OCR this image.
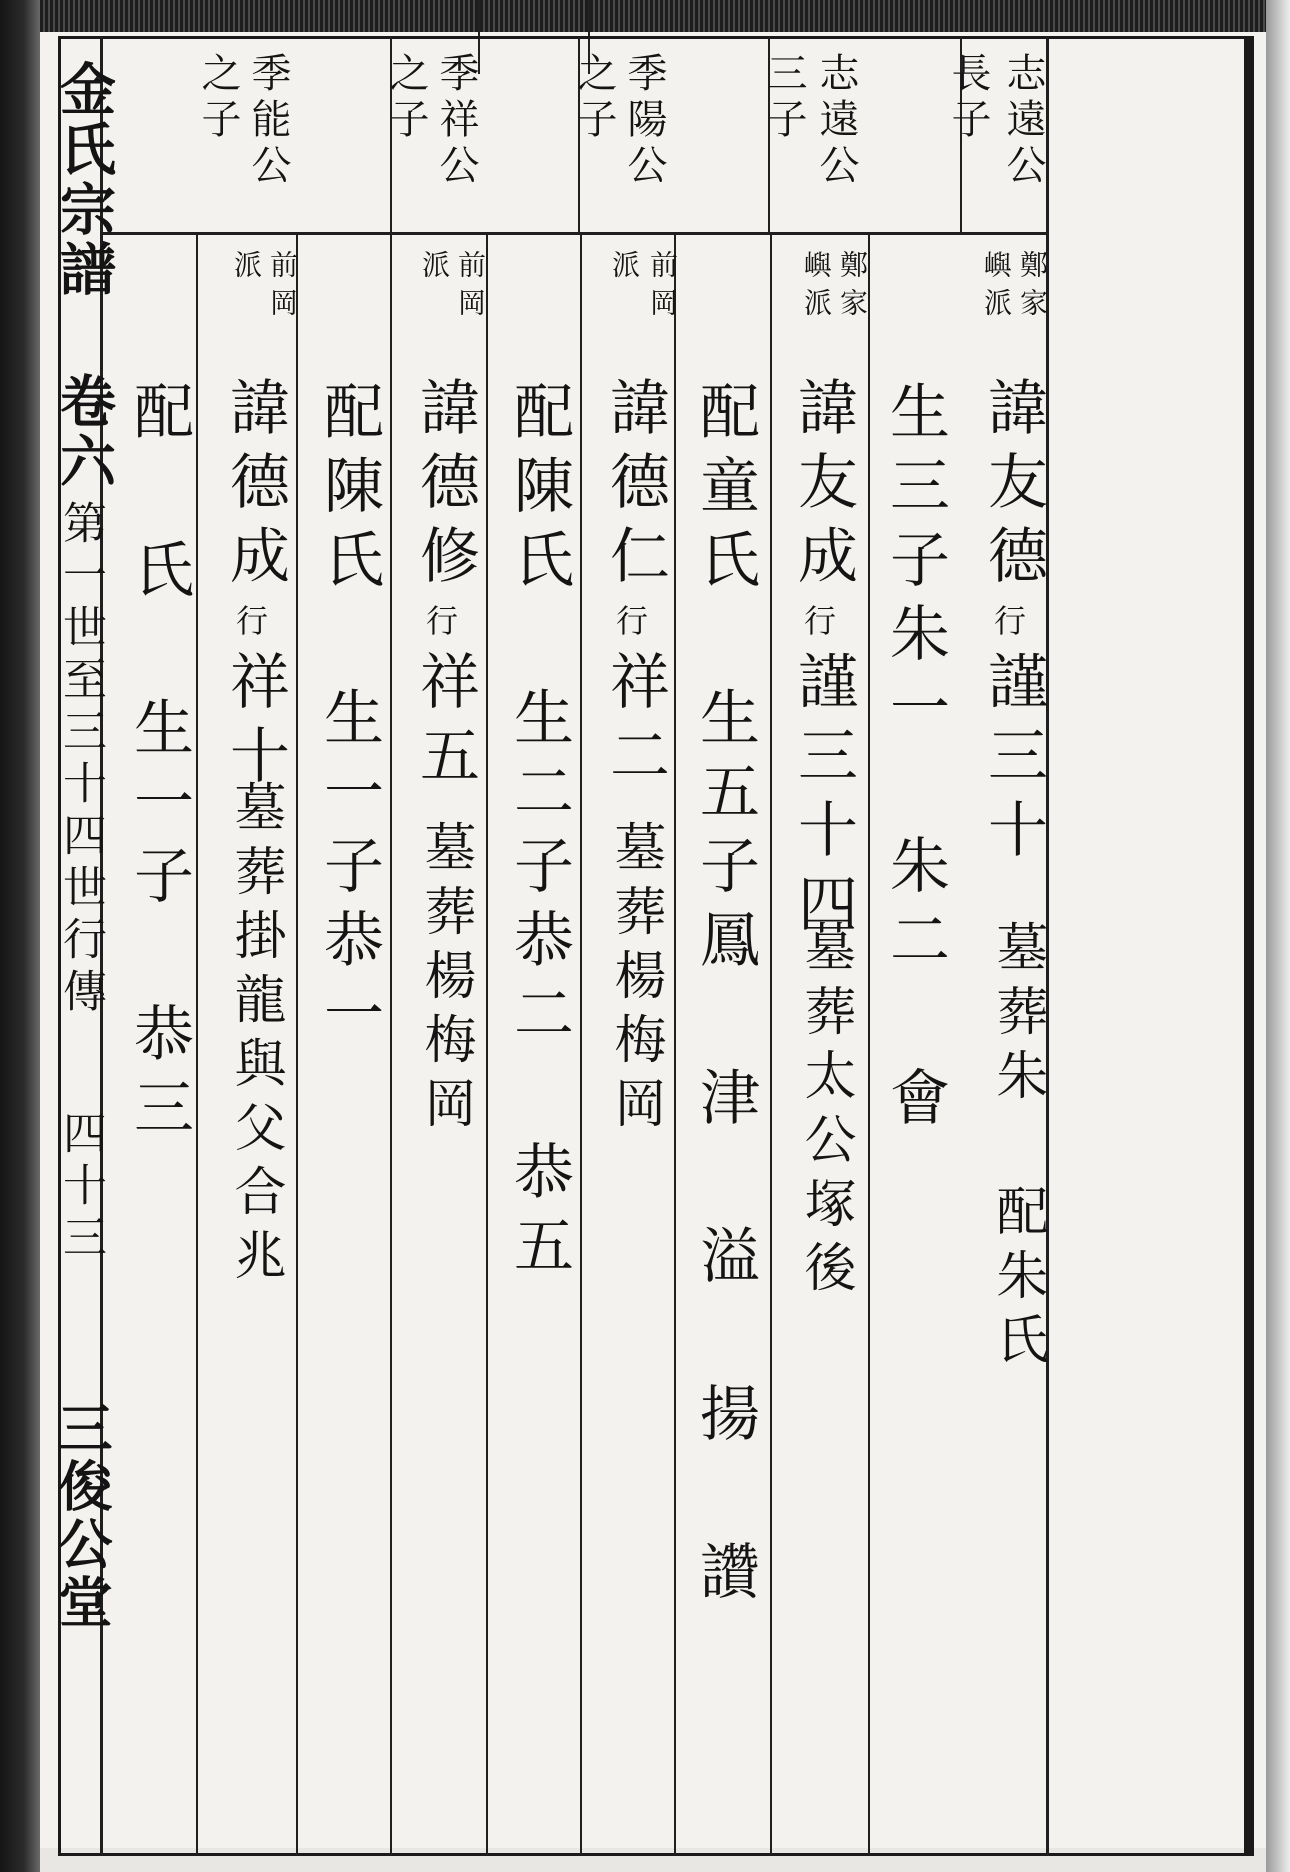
金氏宗譜
卷六
第一世至三十四世行傳
四十三
三俊公堂
志遠公
長子
志遠公
三子
季陽公
之子
季祥公
之子
季能公
之子
鄭家
嶼派
諱友德
行
謹三十
墓葬朱 配朱氏
生三子朱一 朱二 會
鄭家
嶼派
諱友成
行
謹三十四
墓葬太公塚後
配童氏 生五子鳳 津 溢 揚 讚
前岡
派
諱德仁
行
祥二
墓葬楊梅岡
配陳氏 生二子恭二 恭五
前岡
派
諱德修
行
祥五
墓葬楊梅岡
配陳氏 生一子恭一
前岡
派
諱德成
行
祥十
墓葬掛龍與父合兆
配 氏 生一子 恭三
